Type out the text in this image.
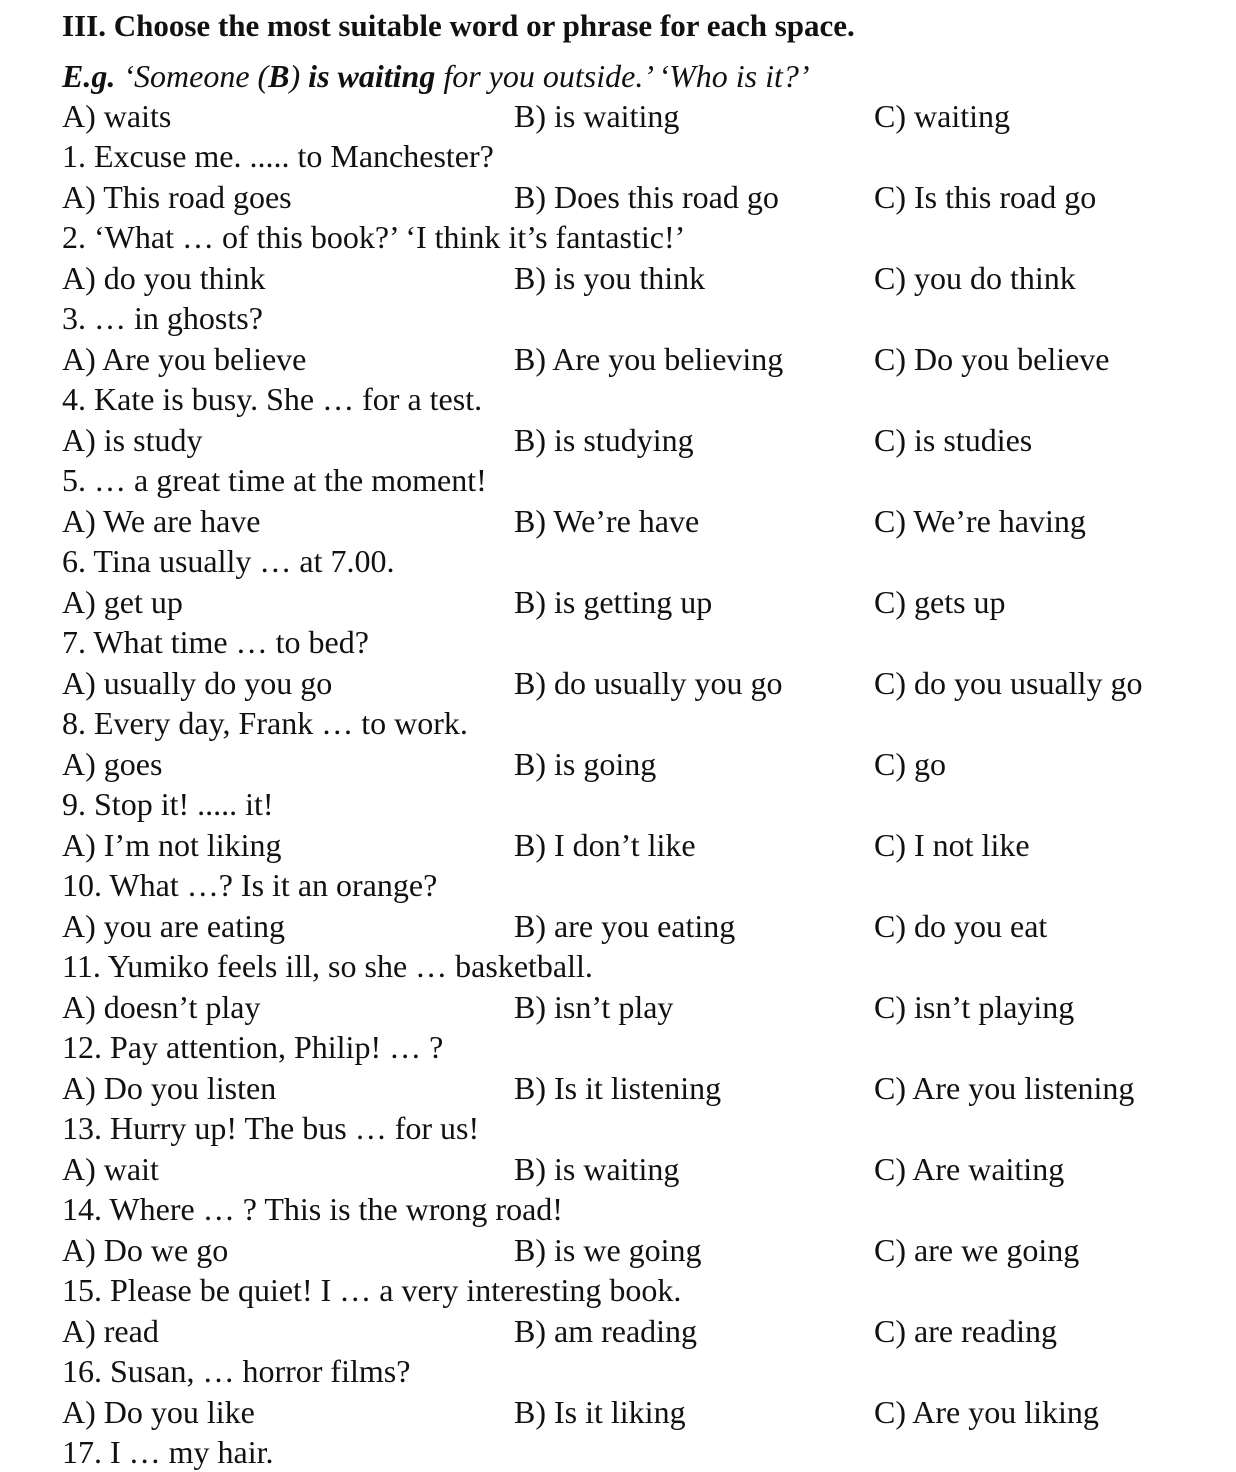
III. Choose the most suitable word or phrase for each space.
E.g. ‘Someone (B) is waiting for you outside.’ ‘Who is it?’
A) waits	B) is waiting	C) waiting
1. Excuse me. ..... to Manchester?
A) This road goes	B) Does this road go	C) Is this road go
2. ‘What … of this book?’ ‘I think it’s fantastic!’
A) do you think	B) is you think	C) you do think
3. … in ghosts?
A) Are you believe	B) Are you believing	C) Do you believe
4. Kate is busy. She … for a test.
A) is study	B) is studying	C) is studies
5. … a great time at the moment!
A) We are have	B) We’re have	C) We’re having
6. Tina usually … at 7.00.
A) get up	B) is getting up	C) gets up
7. What time … to bed?
A) usually do you go	B) do usually you go	C) do you usually go
8. Every day, Frank … to work.
A) goes	B) is going	C) go
9. Stop it! ..... it!
A) I’m not liking	B) I don’t like	C) I not like
10. What …? Is it an orange?
A) you are eating	B) are you eating	C) do you eat
11. Yumiko feels ill, so she … basketball.
A) doesn’t play	B) isn’t play	C) isn’t playing
12. Pay attention, Philip! … ?
A) Do you listen	B) Is it listening	C) Are you listening
13. Hurry up! The bus … for us!
A) wait	B) is waiting	C) Are waiting
14. Where … ? This is the wrong road!
A) Do we go	B) is we going	C) are we going
15. Please be quiet! I … a very interesting book.
A) read	B) am reading	C) are reading
16. Susan, … horror films?
A) Do you like	B) Is it liking	C) Are you liking
17. I … my hair.
